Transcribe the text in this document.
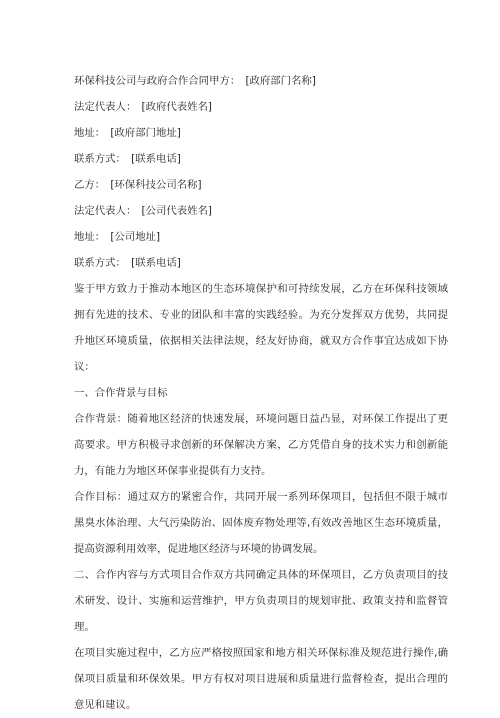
环保科技公司与政府合作合同甲方：　[政府部门名称]

法定代表人：　[政府代表姓名]

地址：　[政府部门地址]

联系方式：　[联系电话]

乙方：　[环保科技公司名称]

法定代表人：　[公司代表姓名]

地址：　[公司地址]

联系方式：　[联系电话]

鉴于甲方致力于推动本地区的生态环境保护和可持续发展，乙方在环保科技领域拥有先进的技术、专业的团队和丰富的实践经验。为充分发挥双方优势，共同提升地区环境质量，依据相关法律法规，经友好协商，就双方合作事宜达成如下协议：

一、合作背景与目标

合作背景：随着地区经济的快速发展，环境问题日益凸显，对环保工作提出了更高要求。甲方积极寻求创新的环保解决方案，乙方凭借自身的技术实力和创新能力，有能力为地区环保事业提供有力支持。

合作目标：通过双方的紧密合作，共同开展一系列环保项目，包括但不限于城市黑臭水体治理、大气污染防治、固体废弃物处理等,有效改善地区生态环境质量，提高资源利用效率，促进地区经济与环境的协调发展。

二、合作内容与方式项目合作双方共同确定具体的环保项目，乙方负责项目的技术研发、设计、实施和运营维护，甲方负责项目的规划审批、政策支持和监督管理。

在项目实施过程中，乙方应严格按照国家和地方相关环保标准及规范进行操作,确保项目质量和环保效果。甲方有权对项目进展和质量进行监督检查，提出合理的意见和建议。
